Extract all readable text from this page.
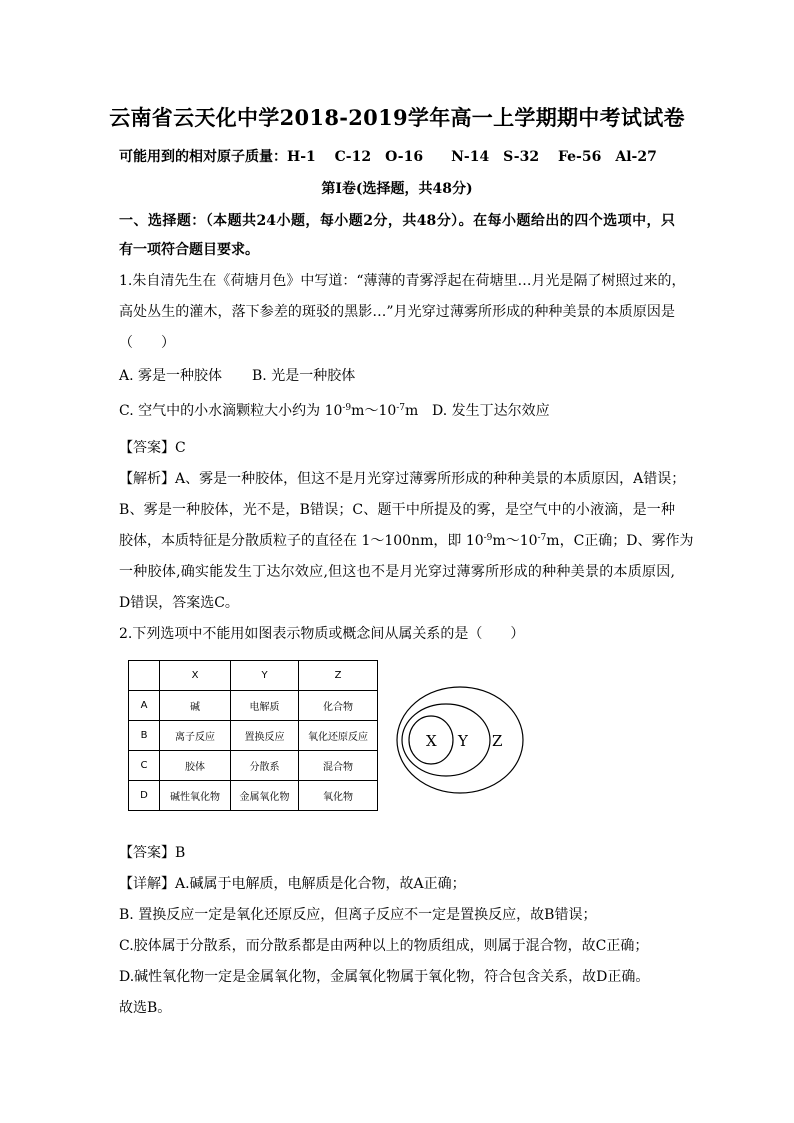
云南省云天化中学2018-2019学年高一上学期期中考试试卷
可能用到的相对原子质量：H-1　 C-12　O-16　　N-14　S-32　 Fe-56　Al-27
第Ⅰ卷(选择题，共48分)
一、选择题：（本题共24小题，每小题2分，共48分）。在每小题给出的四个选项中，只
有一项符合题目要求。
1.朱自清先生在《荷塘月色》中写道：“薄薄的青雾浮起在荷塘里…月光是隔了树照过来的，
高处丛生的灌木，落下参差的斑驳的黑影…”月光穿过薄雾所形成的种种美景的本质原因是
（　　）
A. 雾是一种胶体 B. 光是一种胶体
C. 空气中的小水滴颗粒大小约为 $10^{-9}m\sim 10^{-7}m$ D. 发生丁达尔效应
【答案】C
【解析】A、雾是一种胶体，但这不是月光穿过薄雾所形成的种种美景的本质原因，A错误；
B、雾是一种胶体，光不是，B错误；C、题干中所提及的雾，是空气中的小液滴，是一种
胶体，本质特征是分散质粒子的直径在 1～100nm，即 $10^{-9}m\sim 10^{-7}m$，C正确；D、雾作为
一种胶体,确实能发生丁达尔效应,但这也不是月光穿过薄雾所形成的种种美景的本质原因,
D错误，答案选C。
2.下列选项中不能用如图表示物质或概念间从属关系的是（　　）
	X	Y	Z
A	碱	电解质	化合物
B	离子反应	置换反应	氧化还原反应
C	胶体	分散系	混合物
D	碱性氧化物	金属氧化物	氧化物
X Y Z
【答案】B
【详解】A.碱属于电解质，电解质是化合物，故A正确；
B. 置换反应一定是氧化还原反应，但离子反应不一定是置换反应，故B错误；
C.胶体属于分散系，而分散系都是由两种以上的物质组成，则属于混合物，故C正确；
D.碱性氧化物一定是金属氧化物，金属氧化物属于氧化物，符合包含关系，故D正确。
故选B。
